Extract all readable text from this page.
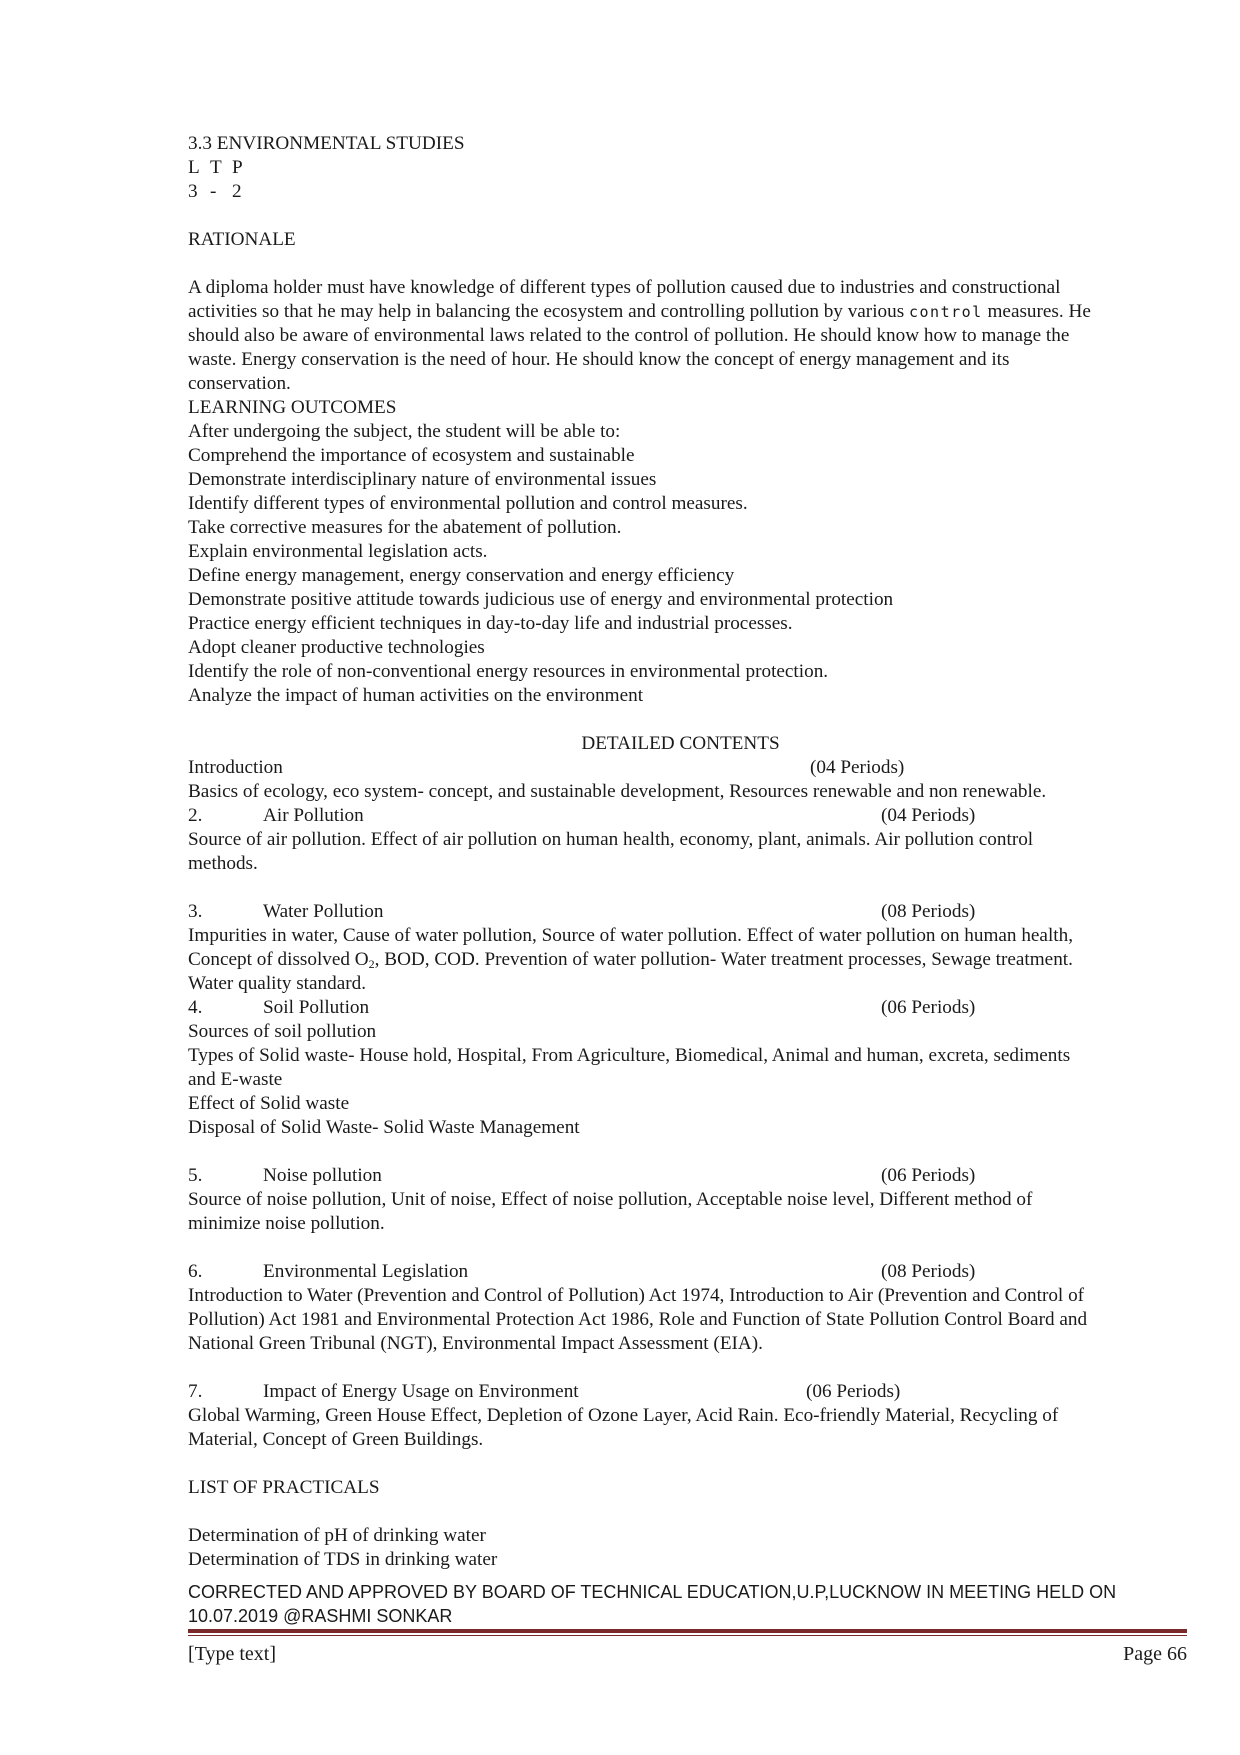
3.3 ENVIRONMENTAL STUDIES

L T P

3 - 2

RATIONALE

A diploma holder must have knowledge of different types of pollution caused due to industries and constructional

activities so that he may help in balancing the ecosystem and controlling pollution by various control measures. He

should also be aware of environmental laws related to the control of pollution. He should know how to manage the

waste. Energy conservation is the need of hour. He should know the concept of energy management and its

conservation.

LEARNING OUTCOMES

After undergoing the subject, the student will be able to:

Comprehend the importance of ecosystem and sustainable

Demonstrate interdisciplinary nature of environmental issues

Identify different types of environmental pollution and control measures.

Take corrective measures for the abatement of pollution.

Explain environmental legislation acts.

Define energy management, energy conservation and energy efficiency

Demonstrate positive attitude towards judicious use of energy and environmental protection

Practice energy efficient techniques in day-to-day life and industrial processes.

Adopt cleaner productive technologies

Identify the role of non-conventional energy resources in environmental protection.

Analyze the impact of human activities on the environment

DETAILED CONTENTS

Introduction	(04 Periods)

Basics of ecology, eco system- concept, and sustainable development, Resources renewable and non renewable.

2.	Air Pollution	(04 Periods)

Source of air pollution. Effect of air pollution on human health, economy, plant, animals. Air pollution control

methods.

3.	Water Pollution	(08 Periods)

Impurities in water, Cause of water pollution, Source of water pollution. Effect of water pollution on human health,

Concept of dissolved $O_2$, BOD, COD. Prevention of water pollution- Water treatment processes, Sewage treatment.

Water quality standard.

4.	Soil Pollution	(06 Periods)

Sources of soil pollution

Types of Solid waste- House hold, Hospital, From Agriculture, Biomedical, Animal and human, excreta, sediments

and E-waste

Effect of Solid waste

Disposal of Solid Waste- Solid Waste Management

5.	Noise pollution	(06 Periods)

Source of noise pollution, Unit of noise, Effect of noise pollution, Acceptable noise level, Different method of

minimize noise pollution.

6.	Environmental Legislation	(08 Periods)

Introduction to Water (Prevention and Control of Pollution) Act 1974, Introduction to Air (Prevention and Control of

Pollution) Act 1981 and Environmental Protection Act 1986, Role and Function of State Pollution Control Board and

National Green Tribunal (NGT), Environmental Impact Assessment (EIA).

7.	Impact of Energy Usage on Environment	(06 Periods)

Global Warming, Green House Effect, Depletion of Ozone Layer, Acid Rain. Eco-friendly Material, Recycling of

Material, Concept of Green Buildings.

LIST OF PRACTICALS

Determination of pH of drinking water

Determination of TDS in drinking water

CORRECTED AND APPROVED BY BOARD OF TECHNICAL EDUCATION,U.P,LUCKNOW IN MEETING HELD ON
10.07.2019 @RASHMI SONKAR
[Type text]	Page 66
